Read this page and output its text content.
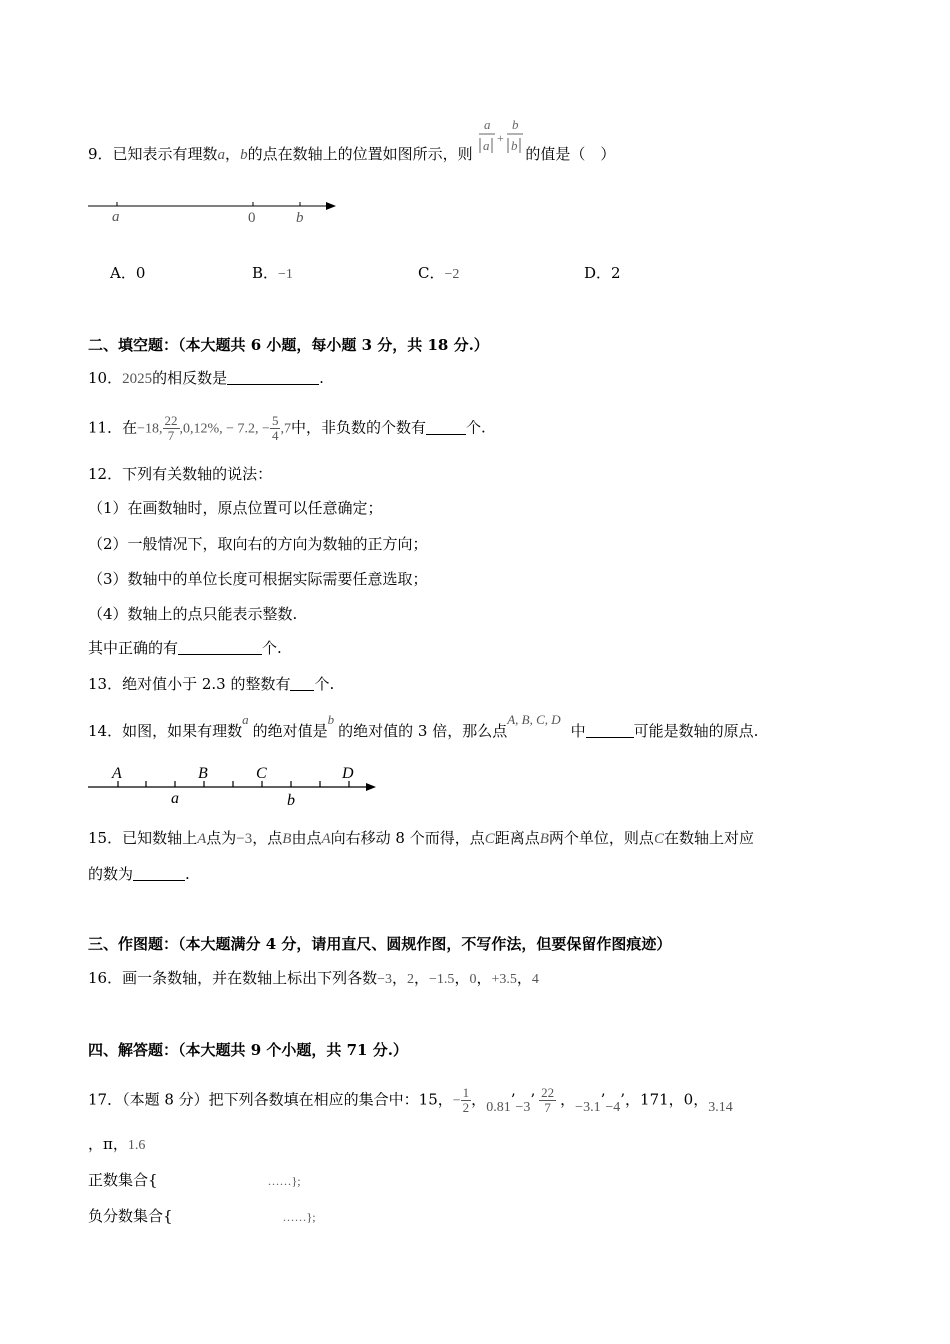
9．已知表示有理数a，b的点在数轴上的位置如图所示，则
a
a +
b
b 的值是（　）
a	0	b
A．0	B．−1	C．−2	D．2
二、填空题：（本大题共 6 小题，每小题 3 分，共 18 分.）
10．2025的相反数是	.
11．在−18, $\frac{22}{7} ,0,12\%$, − 7.2, − $\frac{5}{4} ,7$中，非负数的个数有	个.
12．下列有关数轴的说法：
（1）在画数轴时，原点位置可以任意确定；
（2）一般情况下，取向右的方向为数轴的正方向；
（3）数轴中的单位长度可根据实际需要任意选取；
（4）数轴上的点只能表示整数.
其中正确的有	个.
13．绝对值小于 2.3 的整数有 个.
14．如图，如果有理数a的绝对值是b的绝对值的 3 倍，那么点A, B, C, D中	可能是数轴的原点.
A	B	C	D
a	b
15．已知数轴上A点为−3，点B由点A向右移动 8 个而得，点C距离点B两个单位，则点C在数轴上对应
的数为	.
三、作图题：（本大题满分 4 分，请用直尺、圆规作图，不写作法，但要保留作图痕迹）
16．画一条数轴，并在数轴上标出下列各数−3，2，−1.5，0，+3.5，4
四、解答题：（本大题共 9 个小题，共 71 分.）
17．（本题 8 分）把下列各数填在相应的集合中：15，− $\frac{1}{2}$ ，0.81’−3’ $\frac{22}{7}$ ，−3.1’−4’，171，0，3.14
，π，1.6
正数集合{	……};
负分数集合{	……};
